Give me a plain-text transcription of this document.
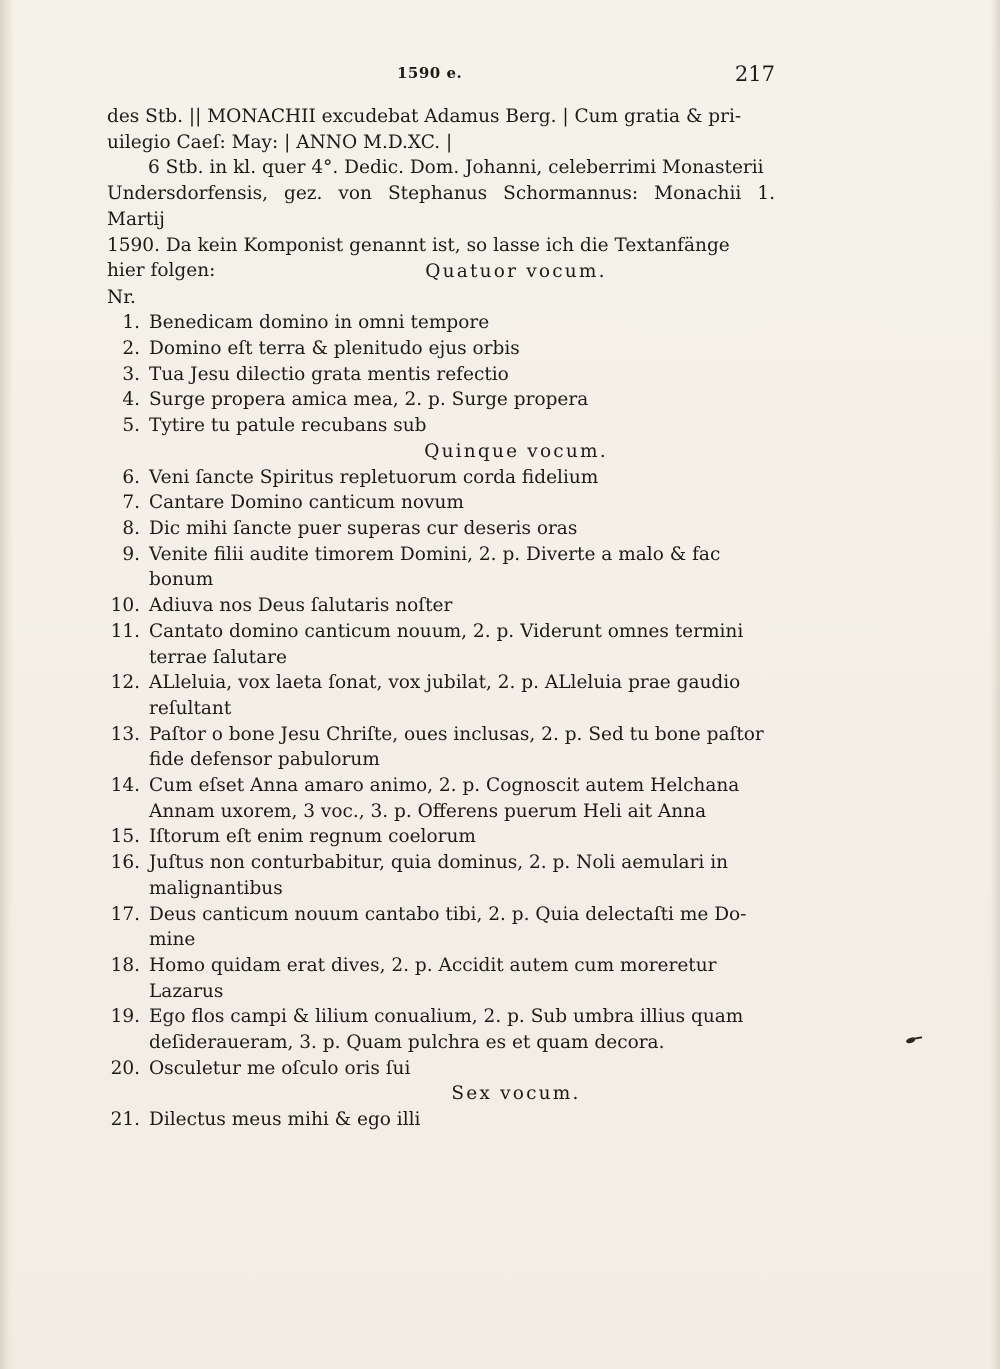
1590 e.	217

des Stb. || MONACHII excudebat Adamus Berg. | Cum gratia & pri-

uilegio Caeſ: May: | ANNO M.D.XC. |

6 Stb. in kl. quer 4°. Dedic. Dom. Johanni, celeberrimi Monasterii

Undersdorfensis, gez. von Stephanus Schormannus: Monachii 1. Martij

1590. Da kein Komponist genannt ist, so lasse ich die Textanfänge

hier folgen:	Quatuor vocum.
Nr.
1. Benedicam domino in omni tempore
2. Domino eſt terra & plenitudo ejus orbis
3. Tua Jesu dilectio grata mentis refectio
4. Surge propera amica mea, 2. p. Surge propera
5. Tytire tu patule recubans sub
Quinque vocum.
6. Veni ſancte Spiritus repletuorum corda fidelium
7. Cantare Domino canticum novum
8. Dic mihi ſancte puer superas cur deseris oras
9. Venite filii audite timorem Domini, 2. p. Diverte a malo & fac
bonum
10. Adiuva nos Deus ſalutaris noſter
11. Cantato domino canticum nouum, 2. p. Viderunt omnes termini
terrae ſalutare
12. ALleluia, vox laeta ſonat, vox jubilat, 2. p. ALleluia prae gaudio
reſultant
13. Paſtor o bone Jesu Chriſte, oues inclusas, 2. p. Sed tu bone paſtor
fide defensor pabulorum
14. Cum eſset Anna amaro animo, 2. p. Cognoscit autem Helchana
Annam uxorem, 3 voc., 3. p. Offerens puerum Heli ait Anna
15. Iſtorum eſt enim regnum coelorum
16. Juſtus non conturbabitur, quia dominus, 2. p. Noli aemulari in
malignantibus
17. Deus canticum nouum cantabo tibi, 2. p. Quia delectaſti me Do-
mine
18. Homo quidam erat dives, 2. p. Accidit autem cum moreretur
Lazarus
19. Ego flos campi & lilium conualium, 2. p. Sub umbra illius quam
deſideraueram, 3. p. Quam pulchra es et quam decora.
20. Osculetur me oſculo oris ſui
Sex vocum.
21. Dilectus meus mihi & ego illi
